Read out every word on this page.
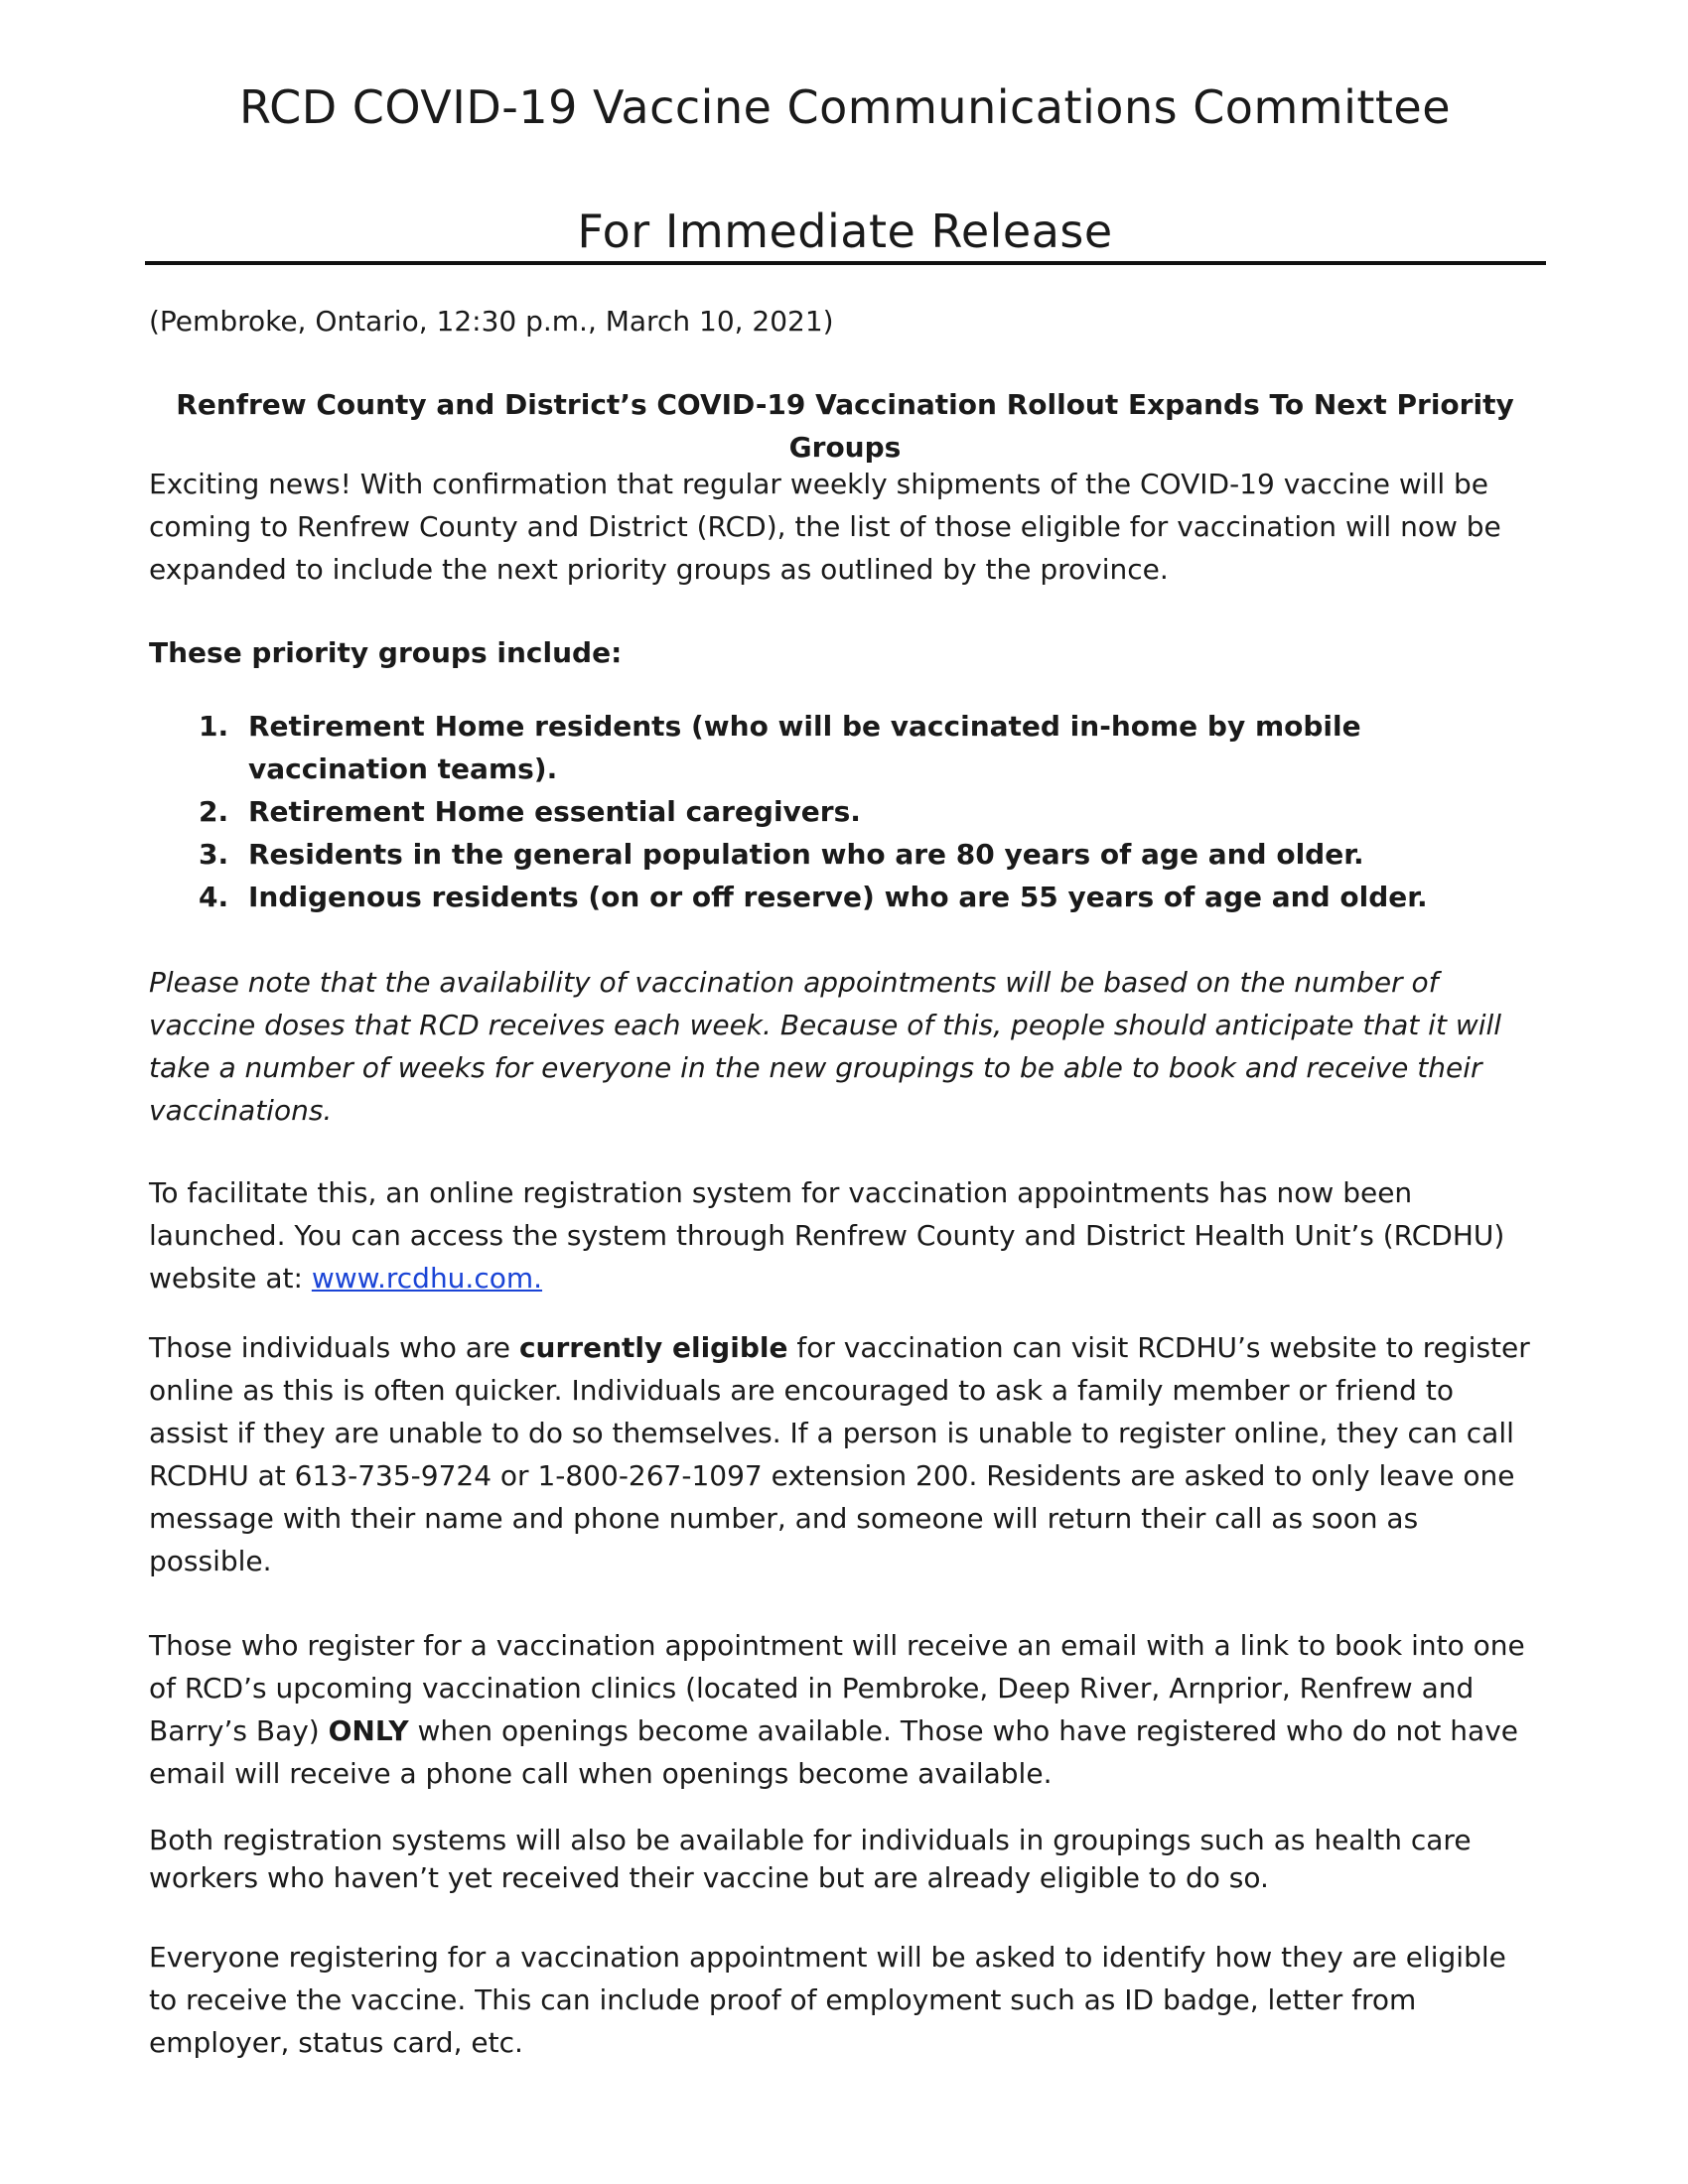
RCD COVID-19 Vaccine Communications Committee
For Immediate Release

(Pembroke, Ontario, 12:30 p.m., March 10, 2021)

Renfrew County and District’s COVID-19 Vaccination Rollout Expands To Next Priority Groups

Exciting news! With confirmation that regular weekly shipments of the COVID-19 vaccine will be coming to Renfrew County and District (RCD), the list of those eligible for vaccination will now be expanded to include the next priority groups as outlined by the province.

These priority groups include:

1. Retirement Home residents (who will be vaccinated in-home by mobile vaccination teams).
2. Retirement Home essential caregivers.
3. Residents in the general population who are 80 years of age and older.
4. Indigenous residents (on or off reserve) who are 55 years of age and older.

Please note that the availability of vaccination appointments will be based on the number of vaccine doses that RCD receives each week. Because of this, people should anticipate that it will take a number of weeks for everyone in the new groupings to be able to book and receive their vaccinations.

To facilitate this, an online registration system for vaccination appointments has now been launched. You can access the system through Renfrew County and District Health Unit’s (RCDHU) website at: www.rcdhu.com.

Those individuals who are currently eligible for vaccination can visit RCDHU’s website to register online as this is often quicker. Individuals are encouraged to ask a family member or friend to assist if they are unable to do so themselves. If a person is unable to register online, they can call RCDHU at 613-735-9724 or 1-800-267-1097 extension 200. Residents are asked to only leave one message with their name and phone number, and someone will return their call as soon as possible.

Those who register for a vaccination appointment will receive an email with a link to book into one of RCD’s upcoming vaccination clinics (located in Pembroke, Deep River, Arnprior, Renfrew and Barry’s Bay) ONLY when openings become available. Those who have registered who do not have email will receive a phone call when openings become available.

Both registration systems will also be available for individuals in groupings such as health care workers who haven’t yet received their vaccine but are already eligible to do so.

Everyone registering for a vaccination appointment will be asked to identify how they are eligible to receive the vaccine. This can include proof of employment such as ID badge, letter from employer, status card, etc.
